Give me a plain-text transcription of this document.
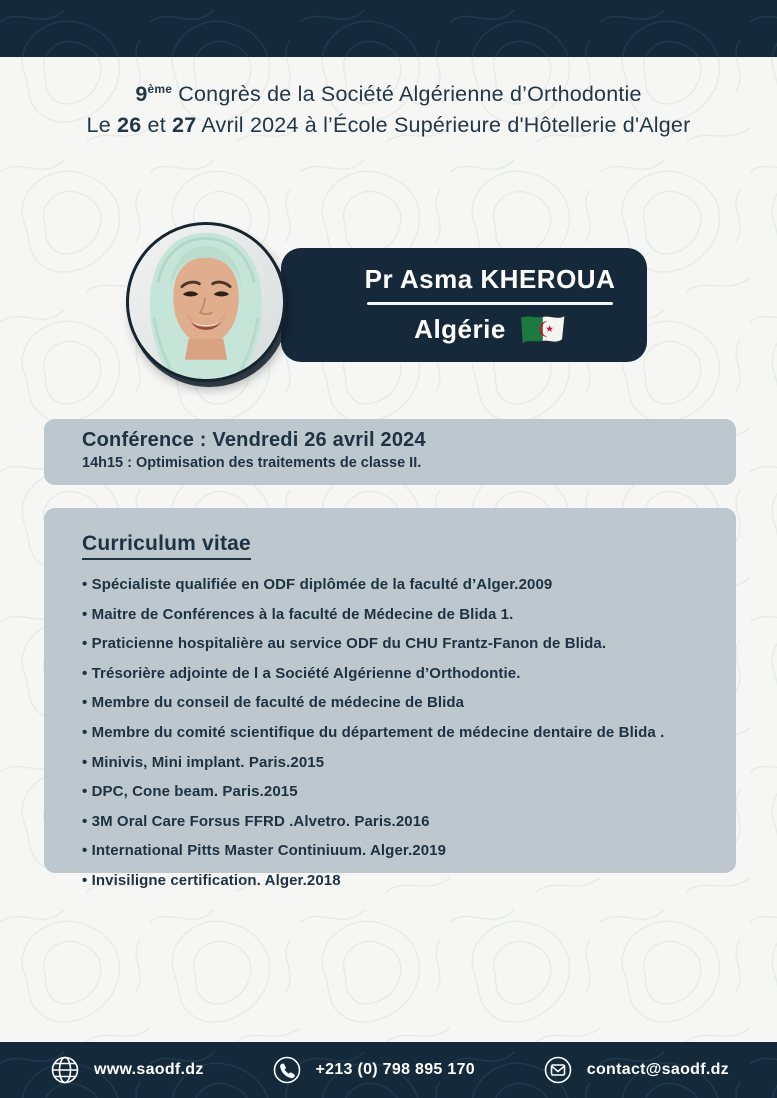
9ème Congrès de la Société Algérienne d’Orthodontie
Le 26 et 27 Avril 2024 à l’École Supérieure d'Hôtellerie d'Alger
Pr Asma KHEROUA
Algérie
Conférence : Vendredi 26 avril 2024
14h15 : Optimisation des traitements de classe II.
Curriculum vitae
• Spécialiste qualifiée en ODF diplômée de la faculté d’Alger.2009
• Maitre de Conférences à la faculté de Médecine de Blida 1.
• Praticienne hospitalière au service ODF du CHU Frantz-Fanon de Blida.
• Trésorière adjointe de l a Société Algérienne d’Orthodontie.
• Membre du conseil de faculté de médecine de Blida
• Membre du comité scientifique du département de médecine dentaire de Blida .
• Minivis, Mini implant. Paris.2015
• DPC, Cone beam. Paris.2015
• 3M Oral Care Forsus FFRD .Alvetro. Paris.2016
• International Pitts Master Continiuum. Alger.2019
• Invisiligne certification. Alger.2018
www.saodf.dz	+213 (0) 798 895 170	contact@saodf.dz
